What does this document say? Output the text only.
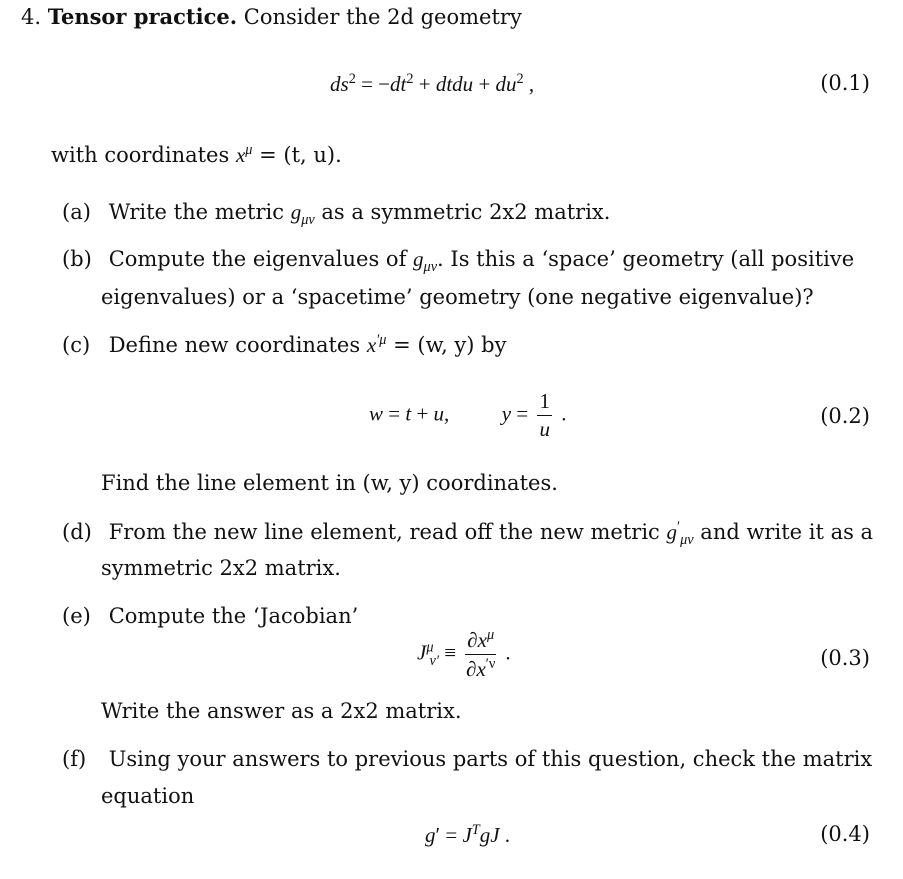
4. Tensor practice. Consider the 2d geometry
$ds^2 = -dt^2$ + dtdu + $du^2$ ,	(0.1)
with coordinates $x^\mu = (t$, u).
(a) Write the metric $g_{\mu\nu}$ as a symmetric 2x2 matrix.
(b) Compute the eigenvalues of $g_{\mu\nu}$. Is this a ‘space’ geometry (all positive
eigenvalues) or a ‘spacetime’ geometry (one negative eigenvalue)?
(c) Define new coordinates $x^{'\mu} = (w$, y) by
w = t + u,  $y = \frac{1}{u}$ .	(0.2)
Find the line element in (w, y) coordinates.
(d) From the new line element, read off the new metric $g'_{\mu\nu}$ and write it as a
symmetric 2x2 matrix.
(e) Compute the ‘Jacobian’
$J^\mu_{\nu'} \equiv \frac{\partial x^\mu}{\partial x^{'\nu}}$ .	(0.3)
Write the answer as a 2x2 matrix.
(f) Using your answers to previous parts of this question, check the matrix
equation
$g' = J^TgJ$ .	(0.4)
